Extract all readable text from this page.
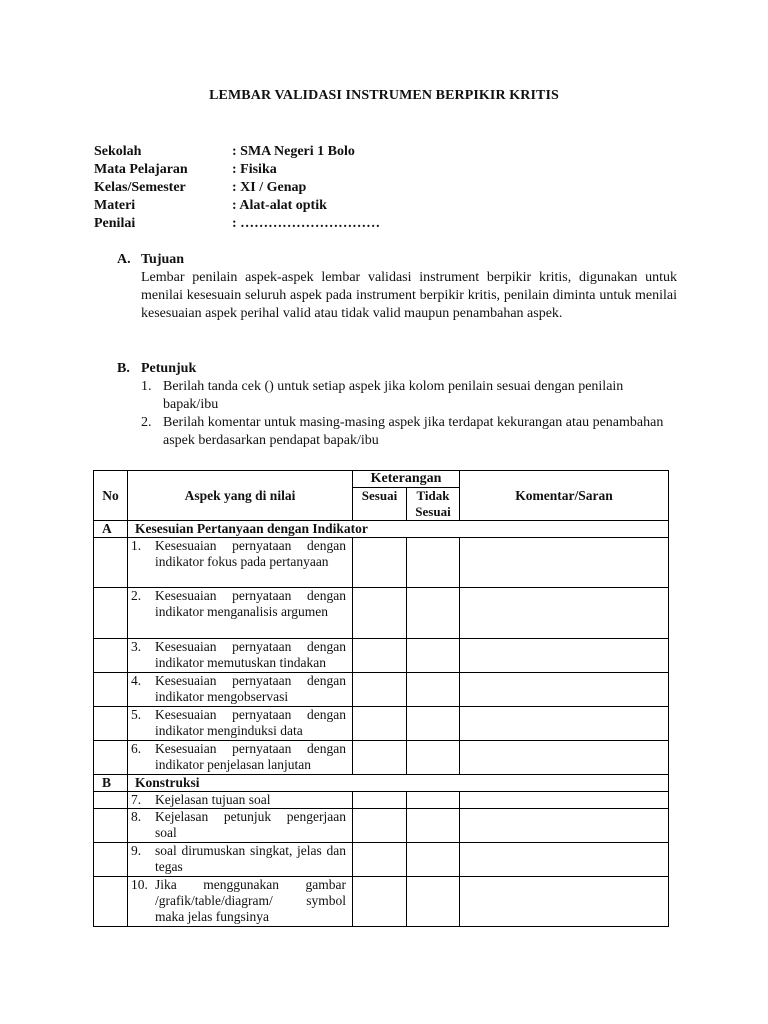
LEMBAR VALIDASI INSTRUMEN BERPIKIR KRITIS
Sekolah	: SMA Negeri 1 Bolo
Mata Pelajaran	: Fisika
Kelas/Semester	: XI / Genap
Materi	: Alat-alat optik
Penilai	: …………………………
A. Tujuan
Lembar penilain aspek-aspek lembar validasi instrument berpikir kritis, digunakan untuk menilai kesesuain seluruh aspek pada instrument berpikir kritis, penilain diminta untuk menilai kesesuaian aspek perihal valid atau tidak valid maupun penambahan aspek.
B. Petunjuk
1. Berilah tanda cek () untuk setiap aspek jika kolom penilain sesuai dengan penilain bapak/ibu
2. Berilah komentar untuk masing-masing aspek jika terdapat kekurangan atau penambahan aspek berdasarkan pendapat bapak/ibu
No	Aspek yang di nilai	Keterangan		Komentar/Saran
		Sesuai	Tidak Sesuai	
A	Kesesuian Pertanyaan dengan Indikator			

	1. Kesesuaian pernyataan dengan indikator fokus pada pertanyaan			

	2. Kesesuaian pernyataan dengan indikator menganalisis argumen			

	3. Kesesuaian pernyataan dengan indikator memutuskan tindakan			

	4. Kesesuaian pernyataan dengan indikator mengobservasi			

	5. Kesesuaian pernyataan dengan indikator menginduksi data			

	6. Kesesuaian pernyataan dengan indikator penjelasan lanjutan			

B	Konstruksi			

	7. Kejelasan tujuan soal			

	8. Kejelasan petunjuk pengerjaan soal			

	9. soal dirumuskan singkat, jelas dan tegas			

	10. Jika menggunakan gambar /grafik/table/diagram/ symbol maka jelas fungsinya			
